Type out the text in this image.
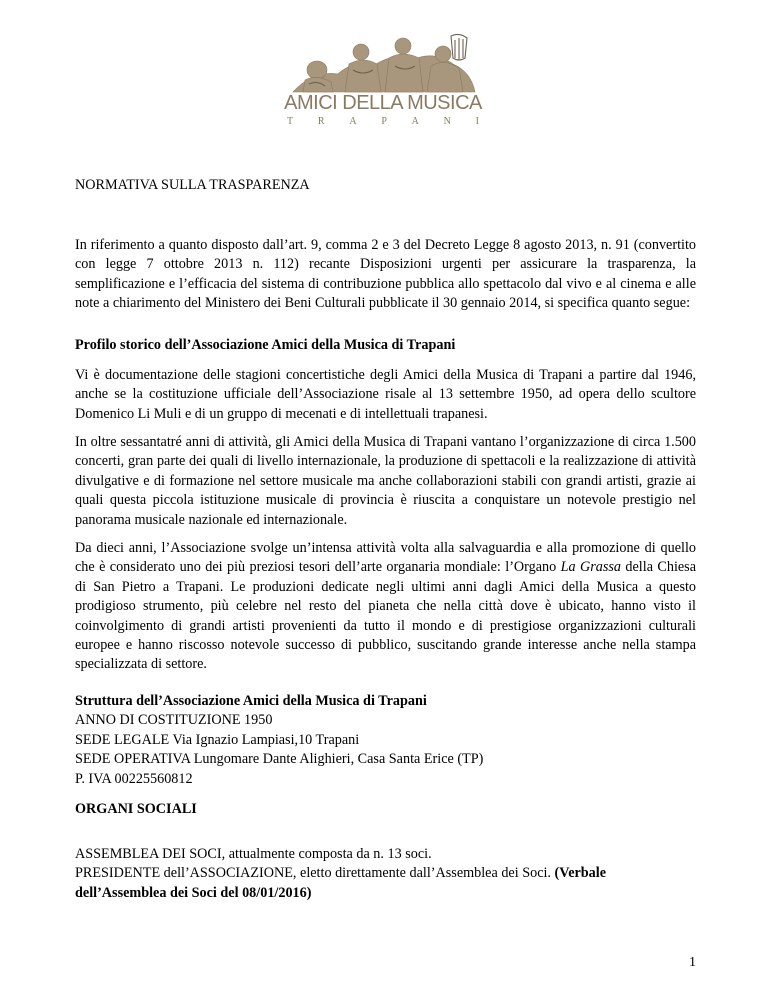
AMICI DELLA MUSICA
T R A P A N I
NORMATIVA SULLA TRASPARENZA

In riferimento a quanto disposto dall’art. 9, comma 2 e 3 del Decreto Legge 8 agosto 2013, n. 91 (convertito con legge 7 ottobre 2013 n. 112) recante Disposizioni urgenti per assicurare la trasparenza, la semplificazione e l’efficacia del sistema di contribuzione pubblica allo spettacolo dal vivo e al cinema e alle note a chiarimento del Ministero dei Beni Culturali pubblicate il 30 gennaio 2014, si specifica quanto segue:

Profilo storico dell’Associazione Amici della Musica di Trapani

Vi è documentazione delle stagioni concertistiche degli Amici della Musica di Trapani a partire dal 1946, anche se la costituzione ufficiale dell’Associazione risale al 13 settembre 1950, ad opera dello scultore Domenico Li Muli e di un gruppo di mecenati e di intellettuali trapanesi.

In oltre sessantatré anni di attività, gli Amici della Musica di Trapani vantano l’organizzazione di circa 1.500 concerti, gran parte dei quali di livello internazionale, la produzione di spettacoli e la realizzazione di attività divulgative e di formazione nel settore musicale ma anche collaborazioni stabili con grandi artisti, grazie ai quali questa piccola istituzione musicale di provincia è riuscita a conquistare un notevole prestigio nel panorama musicale nazionale ed internazionale.

Da dieci anni, l’Associazione svolge un’intensa attività volta alla salvaguardia e alla promozione di quello che è considerato uno dei più preziosi tesori dell’arte organaria mondiale: l’Organo La Grassa della Chiesa di San Pietro a Trapani. Le produzioni dedicate negli ultimi anni dagli Amici della Musica a questo prodigioso strumento, più celebre nel resto del pianeta che nella città dove è ubicato, hanno visto il coinvolgimento di grandi artisti provenienti da tutto il mondo e di prestigiose organizzazioni culturali europee e hanno riscosso notevole successo di pubblico, suscitando grande interesse anche nella stampa specializzata di settore.

Struttura dell’Associazione Amici della Musica di Trapani
ANNO DI COSTITUZIONE 1950
SEDE LEGALE Via Ignazio Lampiasi,10 Trapani
SEDE OPERATIVA Lungomare Dante Alighieri, Casa Santa Erice (TP)
P. IVA 00225560812
ORGANI SOCIALI
ASSEMBLEA DEI SOCI, attualmente composta da n. 13 soci.
PRESIDENTE dell’ASSOCIAZIONE, eletto direttamente dall’Assemblea dei Soci. (Verbale
dell’Assemblea dei Soci del 08/01/2016)
1
